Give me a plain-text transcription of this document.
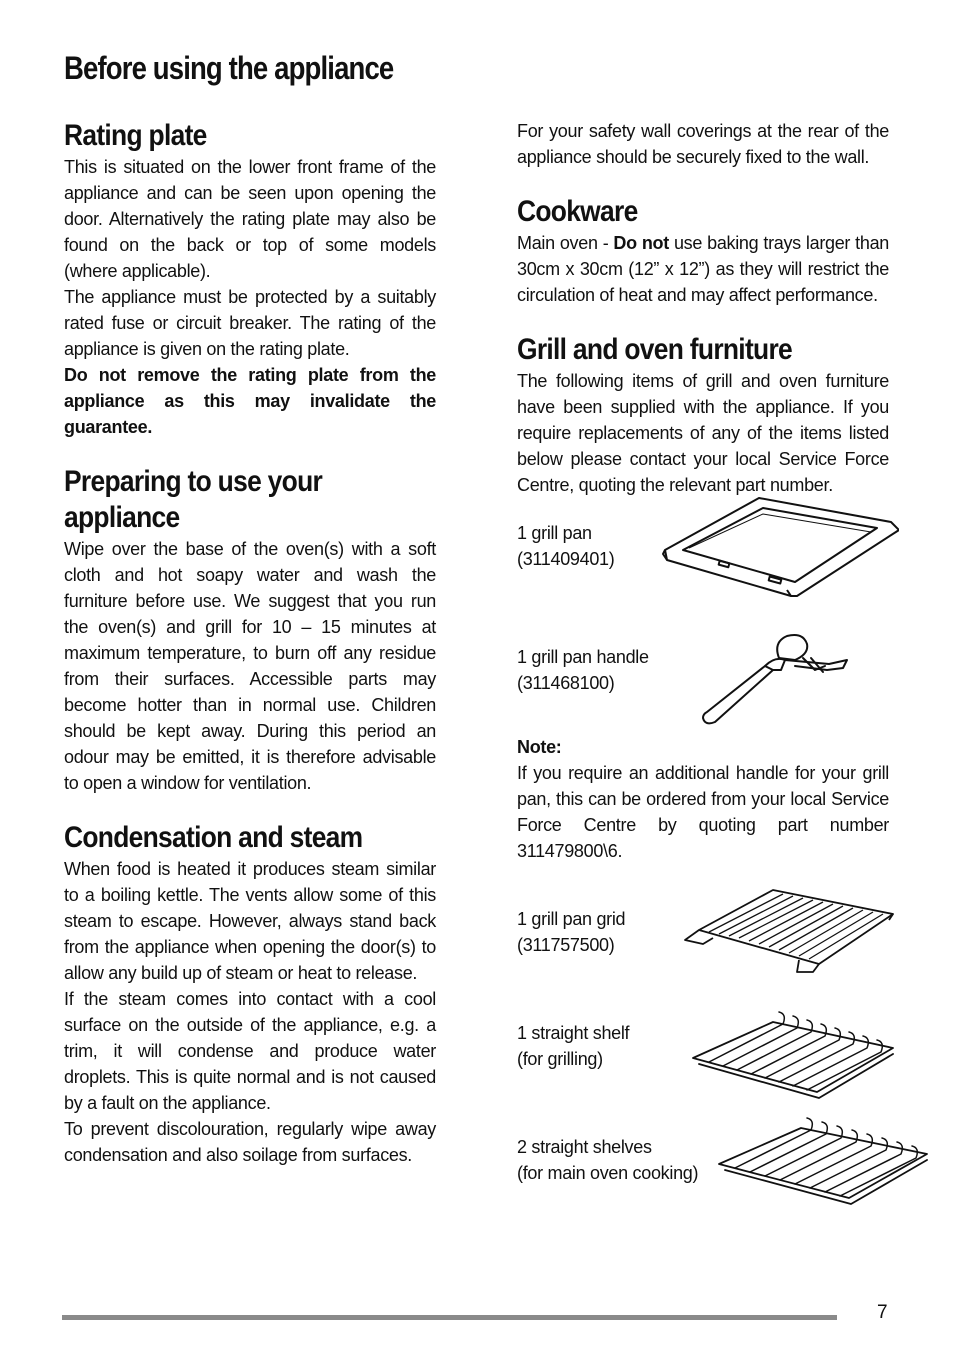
Before using the appliance
Rating plate

This is situated on the lower front frame of the appliance and can be seen upon opening the door. Alternatively the rating plate may also be found on the back or top of some models (where applicable).

The appliance must be protected by a suitably rated fuse or circuit breaker. The rating of the appliance is given on the rating plate.

Do not remove the rating plate from the appliance as this may invalidate the guarantee.

Preparing to use your appliance

Wipe over the base of the oven(s) with a soft cloth and hot soapy water and wash the furniture before use. We suggest that you run the oven(s) and grill for 10 – 15 minutes at maximum temperature, to burn off any residue from their surfaces. Accessible parts may become hotter than in normal use. Children should be kept away. During this period an odour may be emitted, it is therefore advisable to open a window for ventilation.

Condensation and steam

When food is heated it produces steam similar to a boiling kettle. The vents allow some of this steam to escape. However, always stand back from the appliance when opening the door(s) to allow any build up of steam or heat to release.

If the steam comes into contact with a cool surface on the outside of the appliance, e.g. a trim, it will condense and produce water droplets. This is quite normal and is not caused by a fault on the appliance.

To prevent discolouration, regularly wipe away condensation and also soilage from surfaces.

For your safety wall coverings at the rear of the appliance should be securely fixed to the wall.

Cookware

Main oven - Do not use baking trays larger than 30cm x 30cm (12” x 12”) as they will restrict the circulation of heat and may affect performance.

Grill and oven furniture

The following items of grill and oven furniture have been supplied with the appliance. If you require replacements of any of the items listed below please contact your local Service Force Centre, quoting the relevant part number.

1 grill pan
(311409401)
1 grill pan handle
(311468100)

Note:

If you require an additional handle for your grill pan, this can be ordered from your local Service Force Centre by quoting part number 311479800\6.

1 grill pan grid
(311757500)
1 straight shelf
(for grilling)
2 straight shelves
(for main oven cooking)
7
